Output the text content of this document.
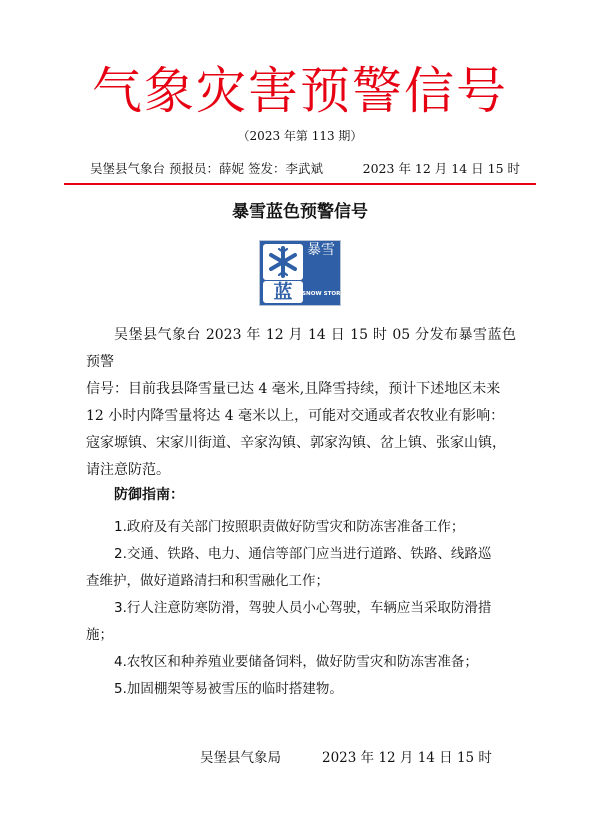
气象灾害预警信号
（2023 年第 113 期）
吴堡县气象台 预报员：薛妮 签发：李武斌	2023 年 12 月 14 日 15 时
暴雪蓝色预警信号
蓝
暴雪
SNOW STORM

吴堡县气象台 2023 年 12 月 14 日 15 时 05 分发布暴雪蓝色预警

信号：目前我县降雪量已达 4 毫米,且降雪持续，预计下述地区未来

12 小时内降雪量将达 4 毫米以上，可能对交通或者农牧业有影响：

寇家塬镇、宋家川街道、辛家沟镇、郭家沟镇、岔上镇、张家山镇，

请注意防范。

防御指南：

1.政府及有关部门按照职责做好防雪灾和防冻害准备工作；

2.交通、铁路、电力、通信等部门应当进行道路、铁路、线路巡

查维护，做好道路清扫和积雪融化工作；

3.行人注意防寒防滑，驾驶人员小心驾驶，车辆应当采取防滑措

施；

4.农牧区和种养殖业要储备饲料，做好防雪灾和防冻害准备；

5.加固棚架等易被雪压的临时搭建物。

吴堡县气象局	2023 年 12 月 14 日 15 时
